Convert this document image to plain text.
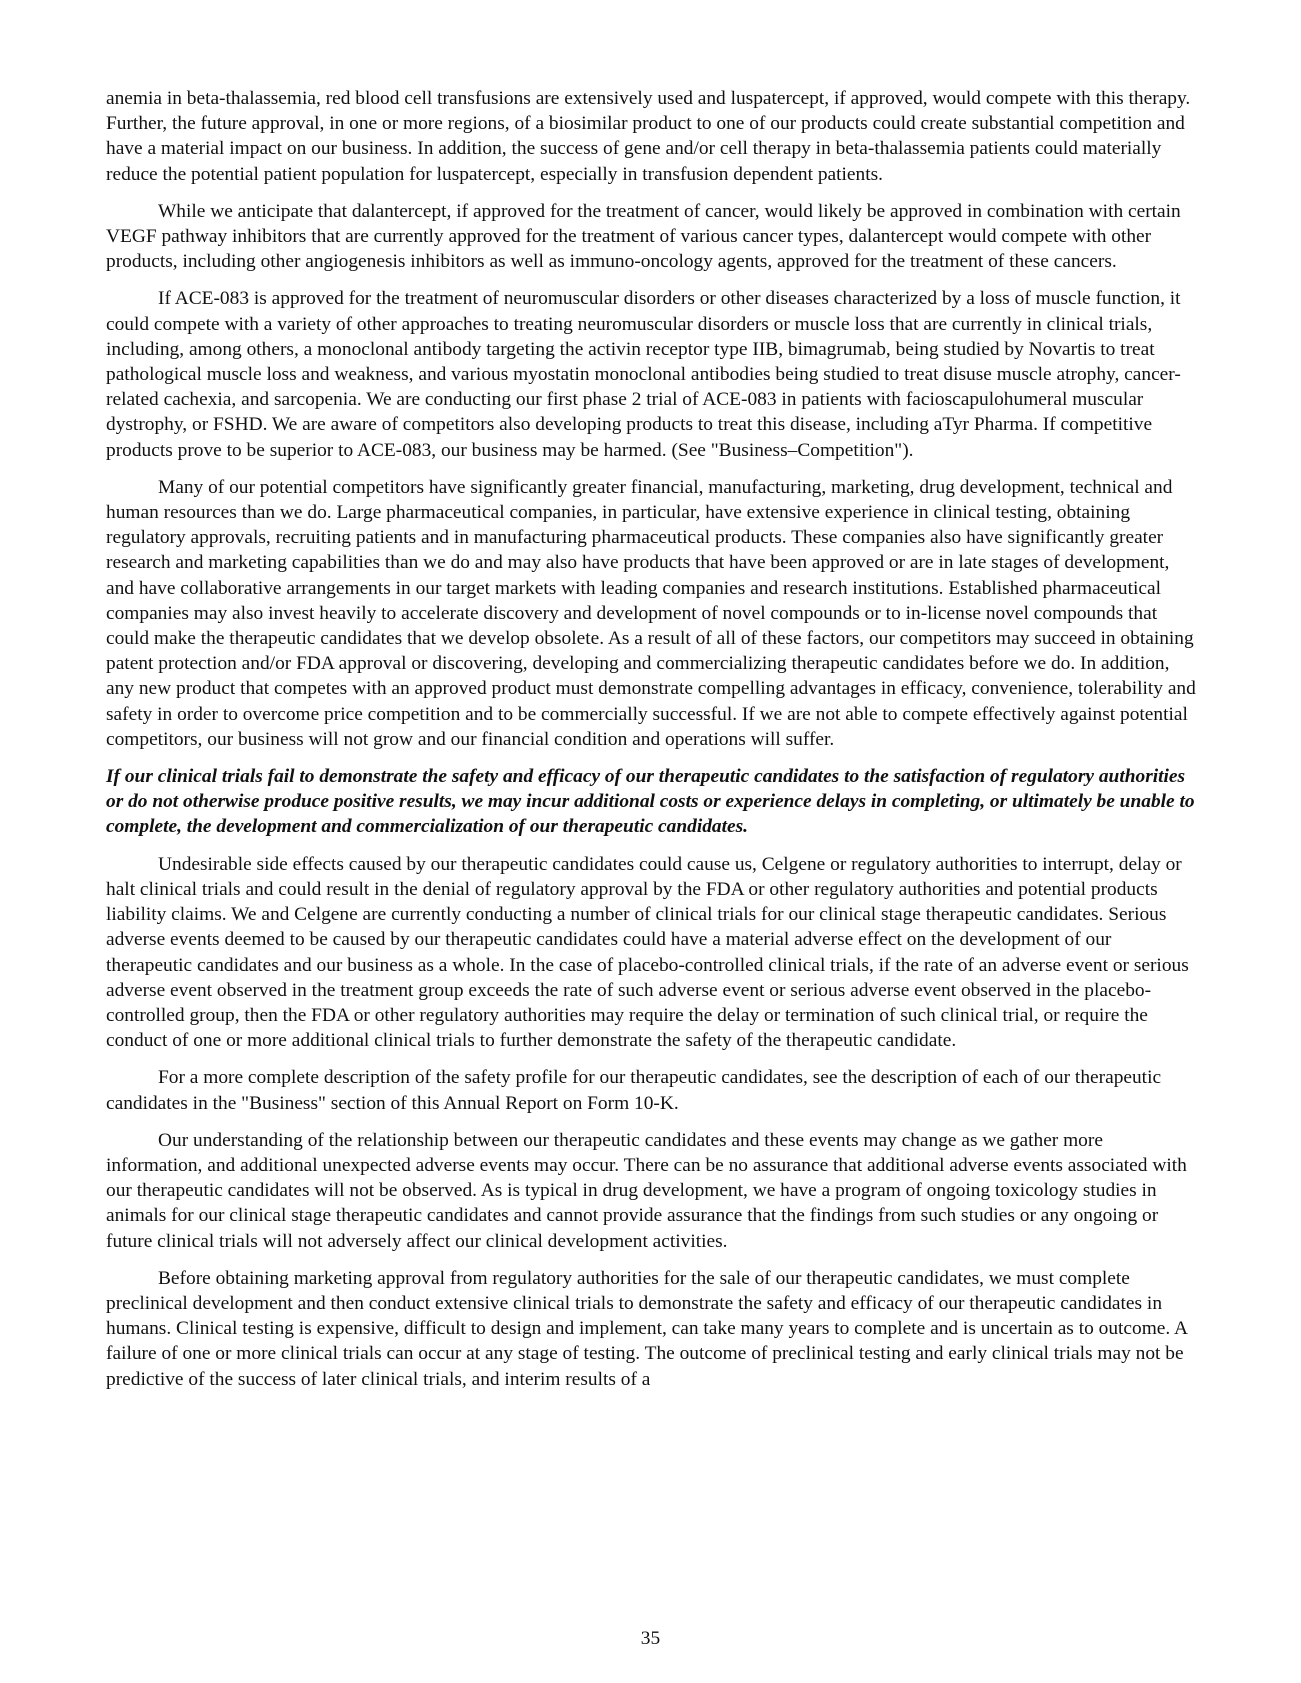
anemia in beta-thalassemia, red blood cell transfusions are extensively used and luspatercept, if approved, would compete with this therapy. Further, the future approval, in one or more regions, of a biosimilar product to one of our products could create substantial competition and have a material impact on our business. In addition, the success of gene and/or cell therapy in beta-thalassemia patients could materially reduce the potential patient population for luspatercept, especially in transfusion dependent patients.

While we anticipate that dalantercept, if approved for the treatment of cancer, would likely be approved in combination with certain VEGF pathway inhibitors that are currently approved for the treatment of various cancer types, dalantercept would compete with other products, including other angiogenesis inhibitors as well as immuno-oncology agents, approved for the treatment of these cancers.

If ACE-083 is approved for the treatment of neuromuscular disorders or other diseases characterized by a loss of muscle function, it could compete with a variety of other approaches to treating neuromuscular disorders or muscle loss that are currently in clinical trials, including, among others, a monoclonal antibody targeting the activin receptor type IIB, bimagrumab, being studied by Novartis to treat pathological muscle loss and weakness, and various myostatin monoclonal antibodies being studied to treat disuse muscle atrophy, cancer-related cachexia, and sarcopenia. We are conducting our first phase 2 trial of ACE-083 in patients with facioscapulohumeral muscular dystrophy, or FSHD. We are aware of competitors also developing products to treat this disease, including aTyr Pharma. If competitive products prove to be superior to ACE-083, our business may be harmed. (See "Business–Competition").

Many of our potential competitors have significantly greater financial, manufacturing, marketing, drug development, technical and human resources than we do. Large pharmaceutical companies, in particular, have extensive experience in clinical testing, obtaining regulatory approvals, recruiting patients and in manufacturing pharmaceutical products. These companies also have significantly greater research and marketing capabilities than we do and may also have products that have been approved or are in late stages of development, and have collaborative arrangements in our target markets with leading companies and research institutions. Established pharmaceutical companies may also invest heavily to accelerate discovery and development of novel compounds or to in-license novel compounds that could make the therapeutic candidates that we develop obsolete. As a result of all of these factors, our competitors may succeed in obtaining patent protection and/or FDA approval or discovering, developing and commercializing therapeutic candidates before we do. In addition, any new product that competes with an approved product must demonstrate compelling advantages in efficacy, convenience, tolerability and safety in order to overcome price competition and to be commercially successful. If we are not able to compete effectively against potential competitors, our business will not grow and our financial condition and operations will suffer.

If our clinical trials fail to demonstrate the safety and efficacy of our therapeutic candidates to the satisfaction of regulatory authorities or do not otherwise produce positive results, we may incur additional costs or experience delays in completing, or ultimately be unable to complete, the development and commercialization of our therapeutic candidates.

Undesirable side effects caused by our therapeutic candidates could cause us, Celgene or regulatory authorities to interrupt, delay or halt clinical trials and could result in the denial of regulatory approval by the FDA or other regulatory authorities and potential products liability claims. We and Celgene are currently conducting a number of clinical trials for our clinical stage therapeutic candidates. Serious adverse events deemed to be caused by our therapeutic candidates could have a material adverse effect on the development of our therapeutic candidates and our business as a whole. In the case of placebo-controlled clinical trials, if the rate of an adverse event or serious adverse event observed in the treatment group exceeds the rate of such adverse event or serious adverse event observed in the placebo-controlled group, then the FDA or other regulatory authorities may require the delay or termination of such clinical trial, or require the conduct of one or more additional clinical trials to further demonstrate the safety of the therapeutic candidate.

For a more complete description of the safety profile for our therapeutic candidates, see the description of each of our therapeutic candidates in the "Business" section of this Annual Report on Form 10-K.

Our understanding of the relationship between our therapeutic candidates and these events may change as we gather more information, and additional unexpected adverse events may occur. There can be no assurance that additional adverse events associated with our therapeutic candidates will not be observed. As is typical in drug development, we have a program of ongoing toxicology studies in animals for our clinical stage therapeutic candidates and cannot provide assurance that the findings from such studies or any ongoing or future clinical trials will not adversely affect our clinical development activities.

Before obtaining marketing approval from regulatory authorities for the sale of our therapeutic candidates, we must complete preclinical development and then conduct extensive clinical trials to demonstrate the safety and efficacy of our therapeutic candidates in humans. Clinical testing is expensive, difficult to design and implement, can take many years to complete and is uncertain as to outcome. A failure of one or more clinical trials can occur at any stage of testing. The outcome of preclinical testing and early clinical trials may not be predictive of the success of later clinical trials, and interim results of a

35
